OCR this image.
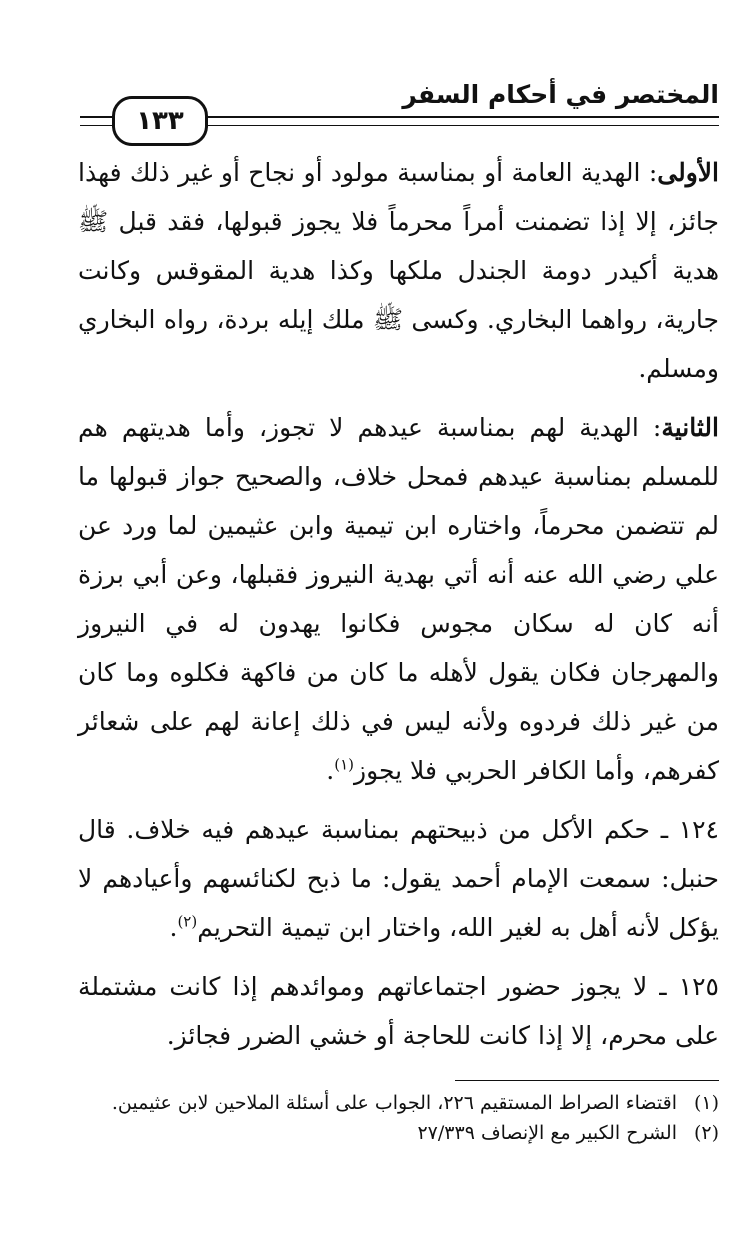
المختصر في أحكام السفر
١٣٣

الأولى: الهدية العامة أو بمناسبة مولود أو نجاح أو غير ذلك فهذا جائز، إلا إذا تضمنت أمراً محرماً فلا يجوز قبولها، فقد قبل ﷺ هدية أكيدر دومة الجندل ملكها وكذا هدية المقوقس وكانت جارية، رواهما البخاري. وكسى ﷺ ملك إيله بردة، رواه البخاري ومسلم.

الثانية: الهدية لهم بمناسبة عيدهم لا تجوز، وأما هديتهم هم للمسلم بمناسبة عيدهم فمحل خلاف، والصحيح جواز قبولها ما لم تتضمن محرماً، واختاره ابن تيمية وابن عثيمين لما ورد عن علي رضي الله عنه أنه أتي بهدية النيروز فقبلها، وعن أبي برزة أنه كان له سكان مجوس فكانوا يهدون له في النيروز والمهرجان فكان يقول لأهله ما كان من فاكهة فكلوه وما كان من غير ذلك فردوه ولأنه ليس في ذلك إعانة لهم على شعائر كفرهم، وأما الكافر الحربي فلا يجوز$^{(١)}$.

١٢٤ ـ حكم الأكل من ذبيحتهم بمناسبة عيدهم فيه خلاف. قال حنبل: سمعت الإمام أحمد يقول: ما ذبح لكنائسهم وأعيادهم لا يؤكل لأنه أهل به لغير الله، واختار ابن تيمية التحريم$^{(٢)}$.

١٢٥ ـ لا يجوز حضور اجتماعاتهم وموائدهم إذا كانت مشتملة على محرم، إلا إذا كانت للحاجة أو خشي الضرر فجائز.

(١)
اقتضاء الصراط المستقيم ٢٢٦، الجواب على أسئلة الملاحين لابن عثيمين.
(٢)
الشرح الكبير مع الإنصاف ٢٧/٣٣٩
